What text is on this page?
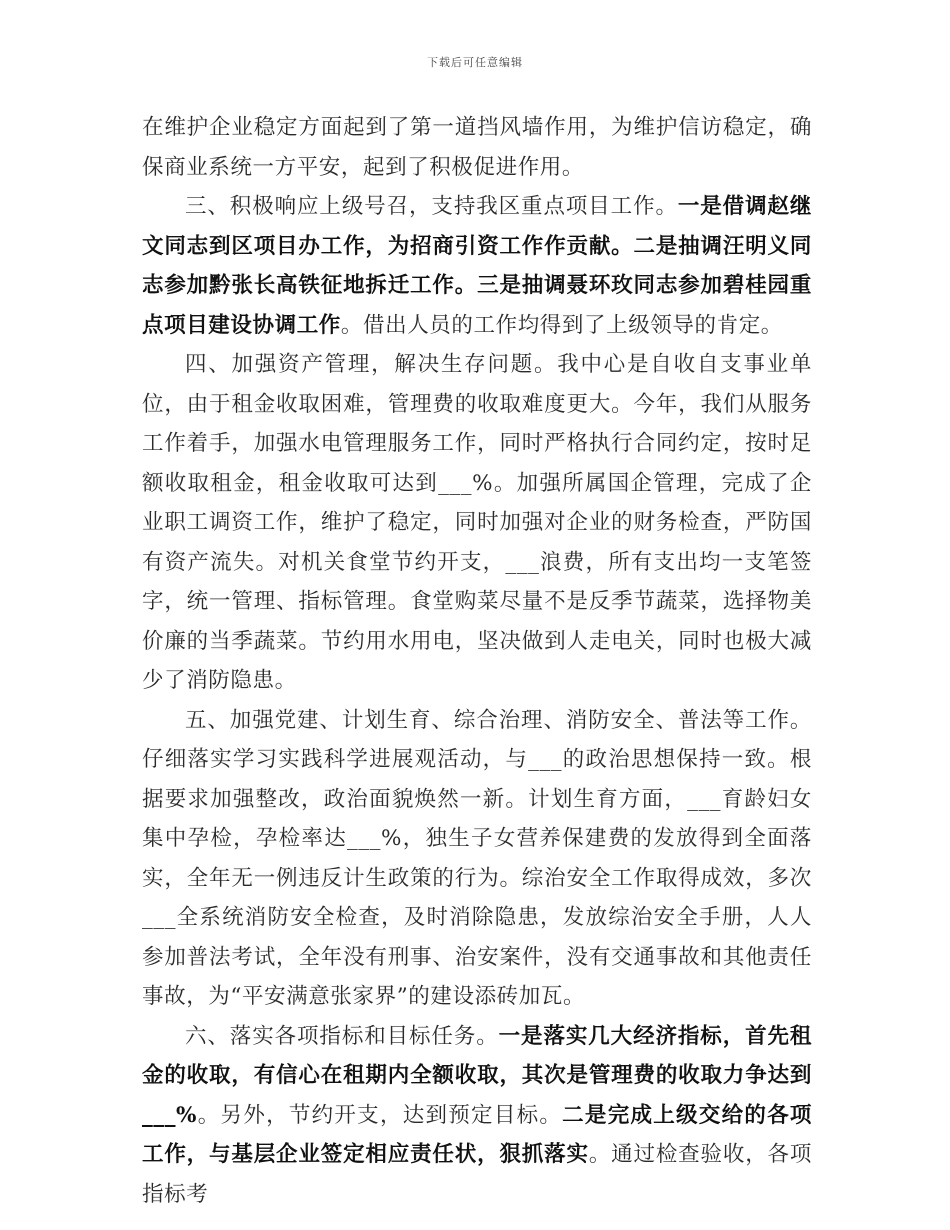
下载后可任意编辑

在维护企业稳定方面起到了第一道挡风墙作用，为维护信访稳定，确保商业系统一方平安，起到了积极促进作用。

三、积极响应上级号召，支持我区重点项目工作。一是借调赵继文同志到区项目办工作，为招商引资工作作贡献。二是抽调汪明义同志参加黔张长高铁征地拆迁工作。三是抽调聂环玫同志参加碧桂园重点项目建设协调工作。借出人员的工作均得到了上级领导的肯定。

四、加强资产管理，解决生存问题。我中心是自收自支事业单位，由于租金收取困难，管理费的收取难度更大。今年，我们从服务工作着手，加强水电管理服务工作，同时严格执行合同约定，按时足额收取租金，租金收取可达到___%。加强所属国企管理，完成了企业职工调资工作，维护了稳定，同时加强对企业的财务检查，严防国有资产流失。对机关食堂节约开支，___浪费，所有支出均一支笔签字，统一管理、指标管理。食堂购菜尽量不是反季节蔬菜，选择物美价廉的当季蔬菜。节约用水用电，坚决做到人走电关，同时也极大减少了消防隐患。

五、加强党建、计划生育、综合治理、消防安全、普法等工作。仔细落实学习实践科学进展观活动，与___的政治思想保持一致。根据要求加强整改，政治面貌焕然一新。计划生育方面，___育龄妇女集中孕检，孕检率达___%，独生子女营养保建费的发放得到全面落实，全年无一例违反计生政策的行为。综治安全工作取得成效，多次___全系统消防安全检查，及时消除隐患，发放综治安全手册，人人参加普法考试，全年没有刑事、治安案件，没有交通事故和其他责任事故，为“平安满意张家界”的建设添砖加瓦。

六、落实各项指标和目标任务。一是落实几大经济指标，首先租金的收取，有信心在租期内全额收取，其次是管理费的收取力争达到___%。另外，节约开支，达到预定目标。二是完成上级交给的各项工作，与基层企业签定相应责任状，狠抓落实。通过检查验收，各项指标考
